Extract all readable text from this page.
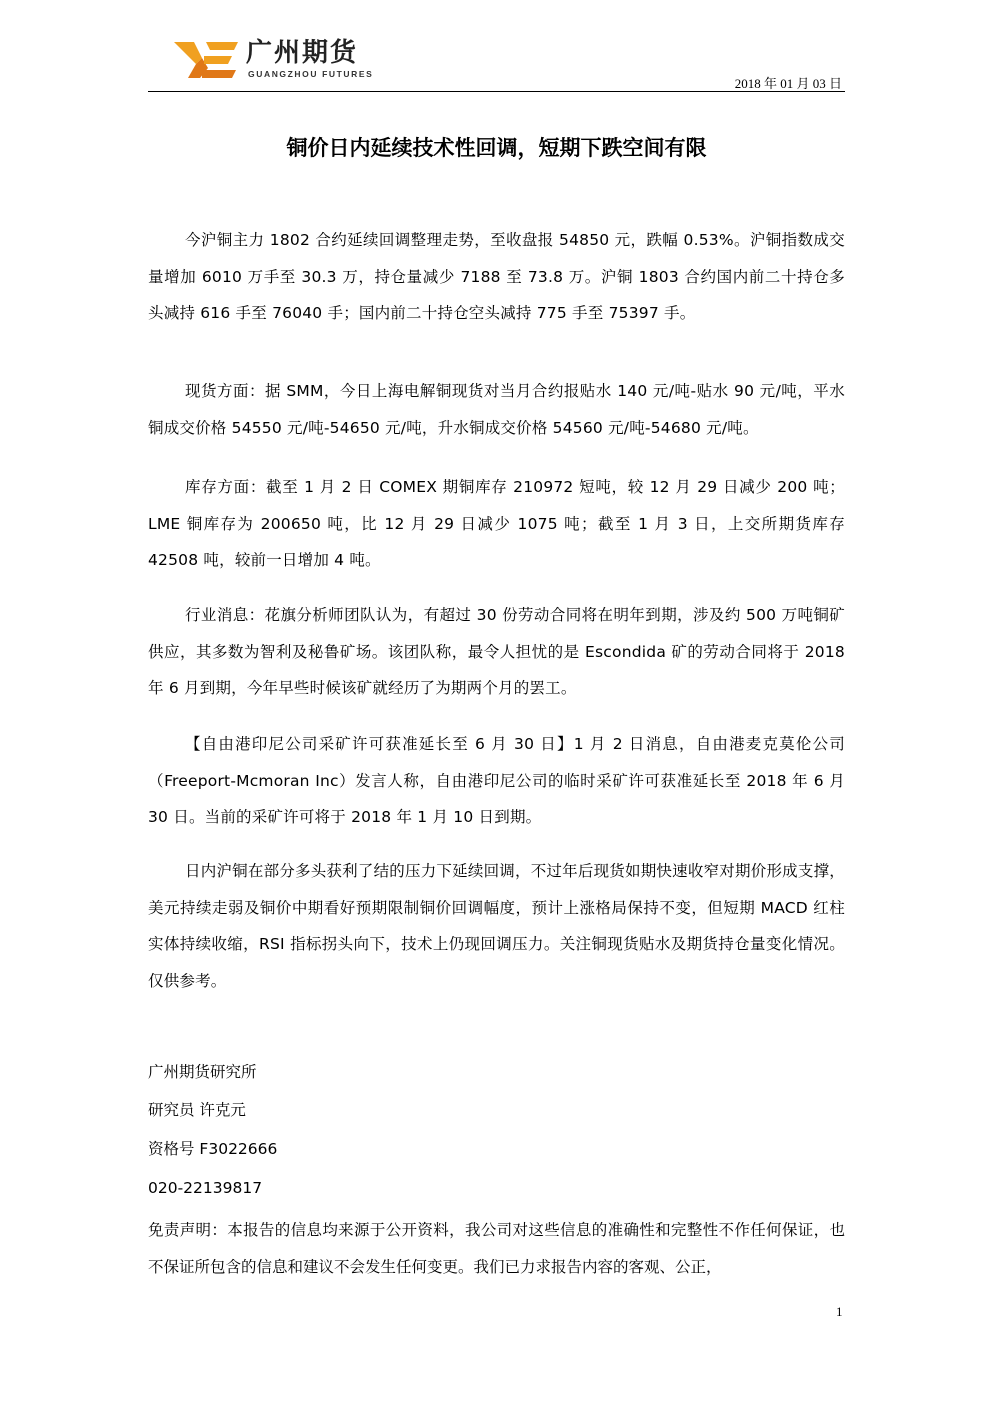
广州期货
GUANGZHOU FUTURES
2018 年 01 月 03 日
铜价日内延续技术性回调，短期下跌空间有限

今沪铜主力 1802 合约延续回调整理走势，至收盘报 54850 元，跌幅 0.53%。沪铜指数成交量增加 6010 万手至 30.3 万，持仓量减少 7188 至 73.8 万。沪铜 1803 合约国内前二十持仓多头减持 616 手至 76040 手；国内前二十持仓空头减持 775 手至 75397 手。

现货方面：据 SMM，今日上海电解铜现货对当月合约报贴水 140 元/吨-贴水 90 元/吨，平水铜成交价格 54550 元/吨-54650 元/吨，升水铜成交价格 54560 元/吨-54680 元/吨。

库存方面：截至 1 月 2 日 COMEX 期铜库存 210972 短吨，较 12 月 29 日减少 200 吨；LME 铜库存为 200650 吨，比 12 月 29 日减少 1075 吨；截至 1 月 3 日，上交所期货库存 42508 吨，较前一日增加 4 吨。

行业消息：花旗分析师团队认为，有超过 30 份劳动合同将在明年到期，涉及约 500 万吨铜矿供应，其多数为智利及秘鲁矿场。该团队称，最令人担忧的是 Escondida 矿的劳动合同将于 2018 年 6 月到期，今年早些时候该矿就经历了为期两个月的罢工。

【自由港印尼公司采矿许可获准延长至 6 月 30 日】1 月 2 日消息，自由港麦克莫伦公司（Freeport-Mcmoran Inc）发言人称，自由港印尼公司的临时采矿许可获准延长至 2018 年 6 月 30 日。当前的采矿许可将于 2018 年 1 月 10 日到期。

日内沪铜在部分多头获利了结的压力下延续回调，不过年后现货如期快速收窄对期价形成支撑，美元持续走弱及铜价中期看好预期限制铜价回调幅度，预计上涨格局保持不变，但短期 MACD 红柱实体持续收缩，RSI 指标拐头向下，技术上仍现回调压力。关注铜现货贴水及期货持仓量变化情况。仅供参考。

广州期货研究所
研究员 许克元
资格号 F3022666
020-22139817

免责声明：本报告的信息均来源于公开资料，我公司对这些信息的准确性和完整性不作任何保证，也不保证所包含的信息和建议不会发生任何变更。我们已力求报告内容的客观、公正，

1
